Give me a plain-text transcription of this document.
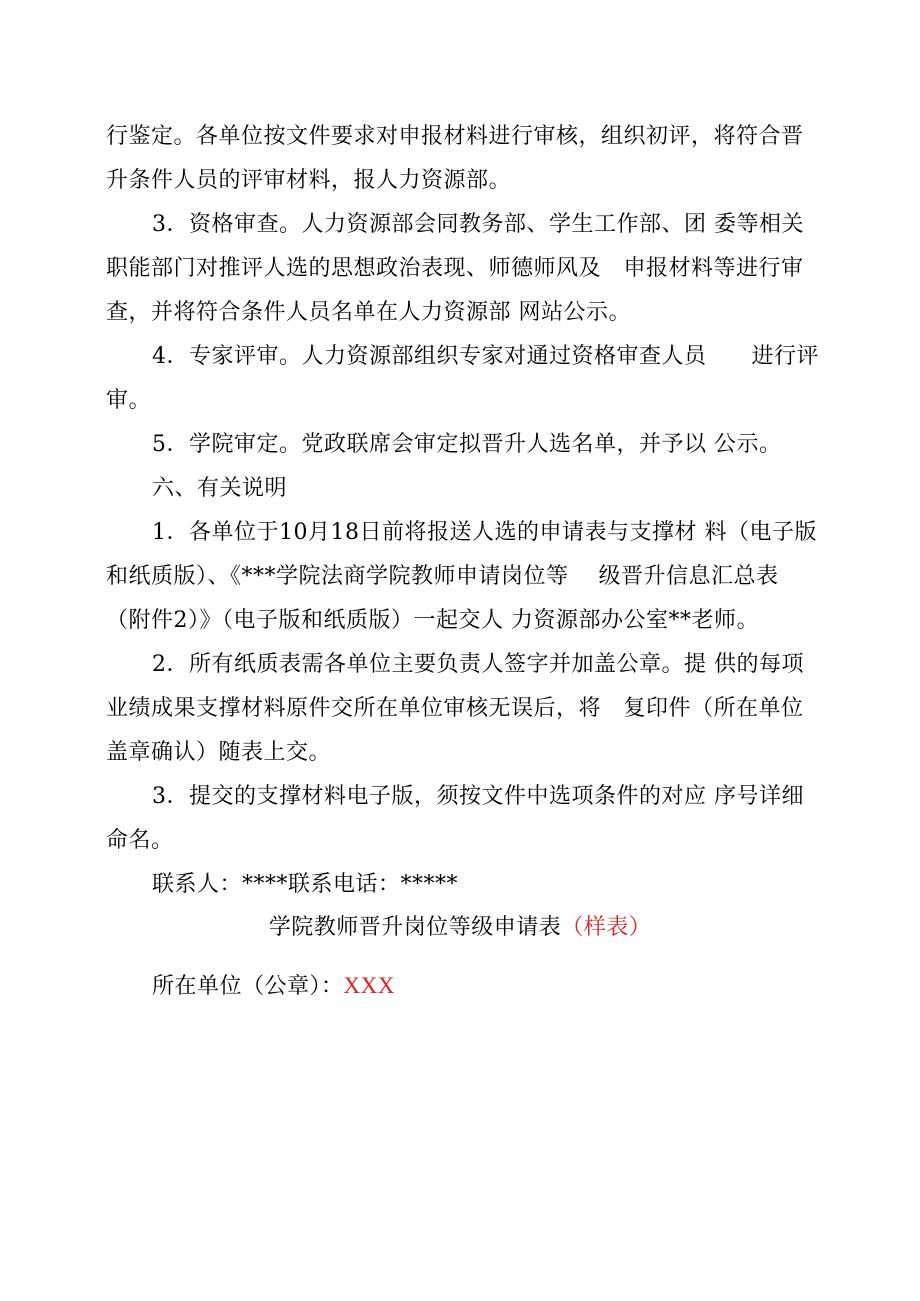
行鉴定。各单位按文件要求对申报材料进行审核，组织初评，将符合晋
升条件人员的评审材料，报人力资源部。
3．资格审查。人力资源部会同教务部、学生工作部、团 委等相关
职能部门对推评人选的思想政治表现、师德师风及　申报材料等进行审
查，并将符合条件人员名单在人力资源部 网站公示。
4．专家评审。人力资源部组织专家对通过资格审查人员　　进行评
审。
5．学院审定。党政联席会审定拟晋升人选名单，并予以 公示。
六、有关说明
1．各单位于10月18日前将报送人选的申请表与支撑材 料（电子版
和纸质版）、《***学院法商学院教师申请岗位等　 级晋升信息汇总表
（附件2）》（电子版和纸质版）一起交人 力资源部办公室**老师。
2．所有纸质表需各单位主要负责人签字并加盖公章。提 供的每项
业绩成果支撑材料原件交所在单位审核无误后，将　复印件（所在单位
盖章确认）随表上交。
3．提交的支撑材料电子版，须按文件中选项条件的对应 序号详细
命名。
联系人：****联系电话：*****
学院教师晋升岗位等级申请表（样表）
所在单位（公章）：XXX
